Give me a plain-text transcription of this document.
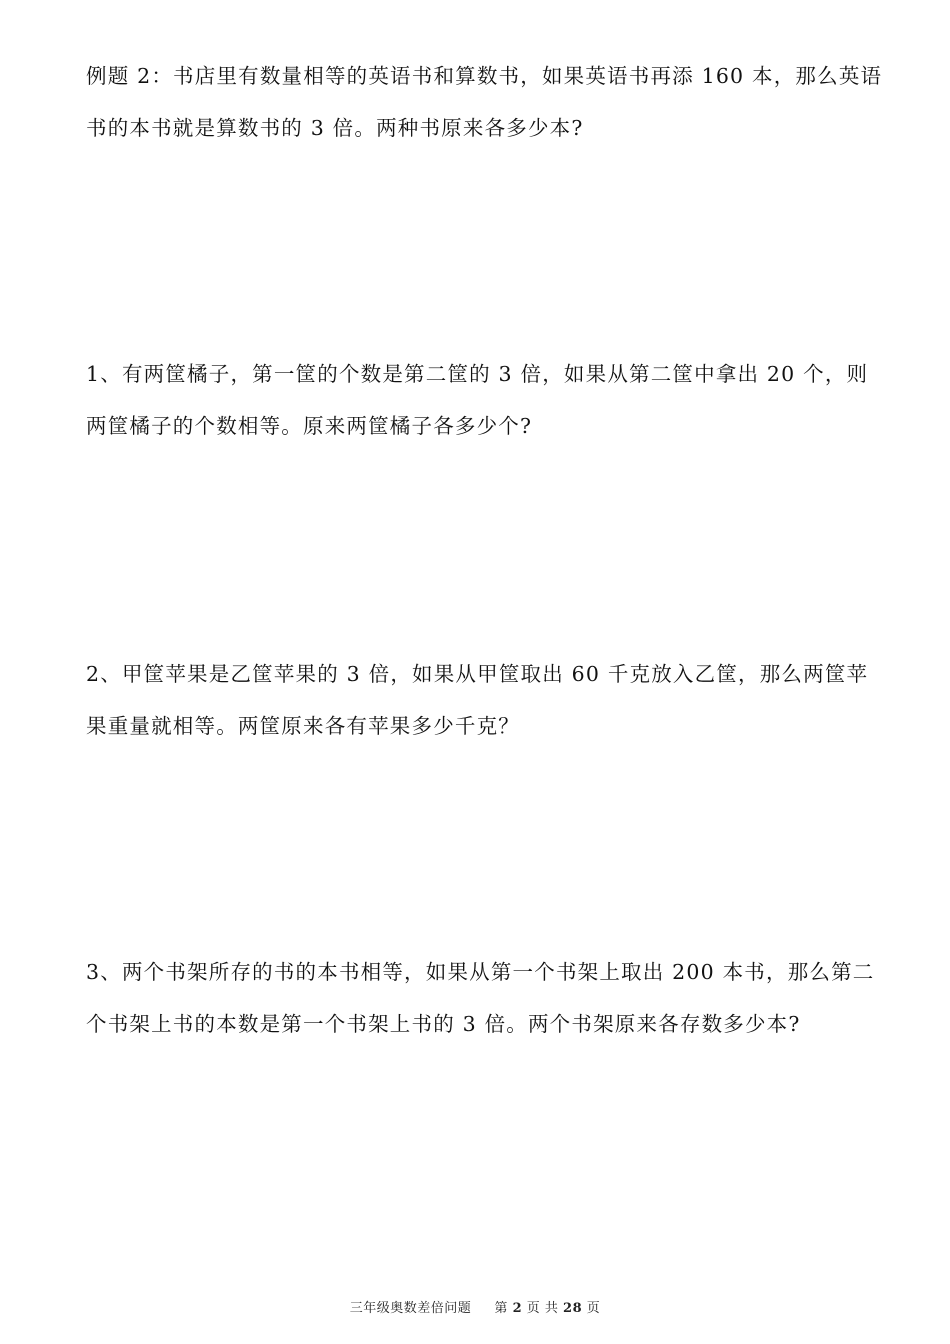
例题 2：书店里有数量相等的英语书和算数书，如果英语书再添 160 本，那么英语

书的本书就是算数书的 3 倍。两种书原来各多少本?

1、有两筐橘子，第一筐的个数是第二筐的 3 倍，如果从第二筐中拿出 20 个，则

两筐橘子的个数相等。原来两筐橘子各多少个?

2、甲筐苹果是乙筐苹果的 3 倍，如果从甲筐取出 60 千克放入乙筐，那么两筐苹

果重量就相等。两筐原来各有苹果多少千克？

3、两个书架所存的书的本书相等，如果从第一个书架上取出 200 本书，那么第二

个书架上书的本数是第一个书架上书的 3 倍。两个书架原来各存数多少本?

三年级奥数差倍问题 第 2 页 共 28 页
